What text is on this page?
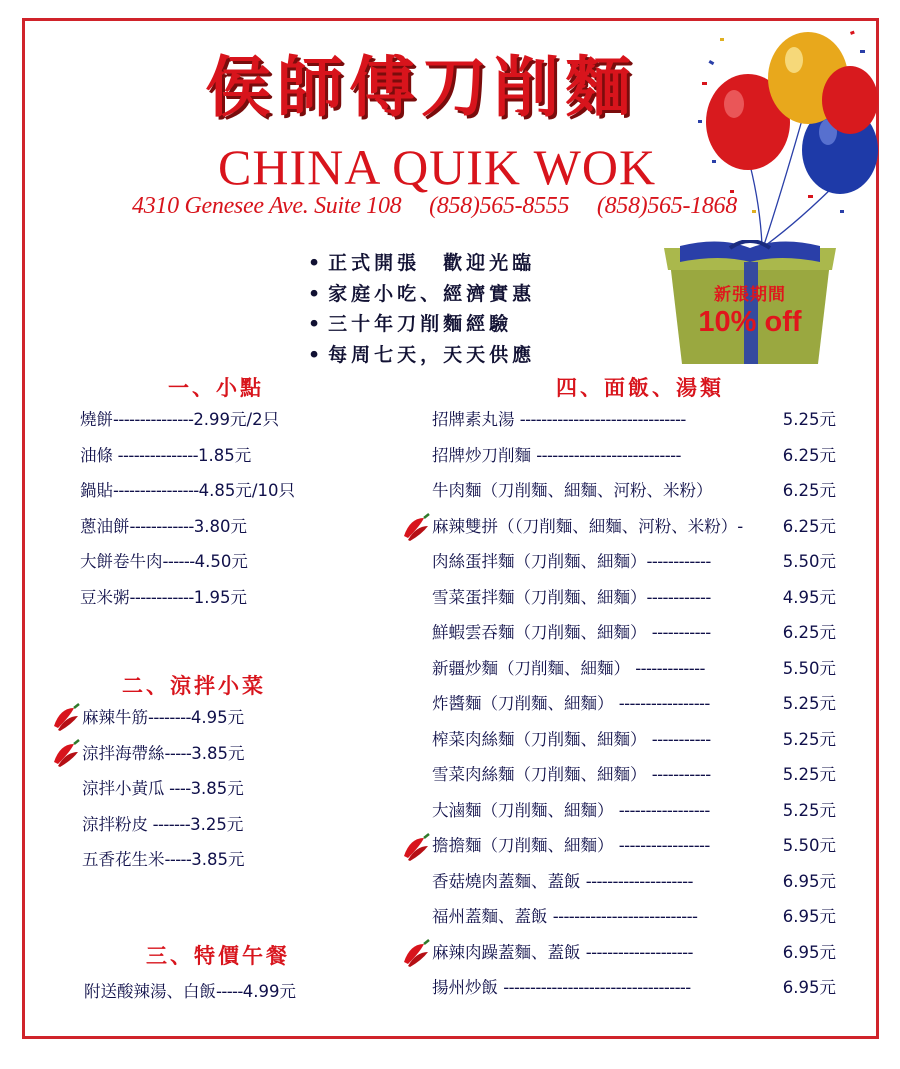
侯師傅刀削麵
CHINA QUIK WOK
4310 Genesee Ave. Suite 108 (858)565-8555 (858)565-1868
• 正式開張　歡迎光臨
• 家庭小吃、經濟實惠
• 三十年刀削麵經驗
• 每周七天，天天供應
新張期間
10% off
一、小點
燒餅---------------2.99元/2只
油條 ---------------1.85元
鍋貼----------------4.85元/10只
蔥油餅------------3.80元
大餅卷牛肉------4.50元
豆米粥------------1.95元
二、涼拌小菜
麻辣牛筋--------4.95元
涼拌海帶絲-----3.85元
涼拌小黃瓜 ----3.85元
涼拌粉皮 -------3.25元
五香花生米-----3.85元
三、特價午餐
附送酸辣湯、白飯-----4.99元
四、面飯、湯類
招牌素丸湯 -------------------------------	5.25元
招牌炒刀削麵 ---------------------------	6.25元
牛肉麵（刀削麵、細麵、河粉、米粉）	6.25元
麻辣雙拼（（刀削麵、細麵、河粉、米粉）- 6.25元
肉絲蛋拌麵（刀削麵、細麵）------------	5.50元
雪菜蛋拌麵（刀削麵、細麵）------------	4.95元
鮮蝦雲吞麵（刀削麵、細麵） -----------	6.25元
新疆炒麵（刀削麵、細麵） -------------	5.50元
炸醬麵（刀削麵、細麵） -----------------	5.25元
榨菜肉絲麵（刀削麵、細麵） -----------	5.25元
雪菜肉絲麵（刀削麵、細麵） -----------	5.25元
大滷麵（刀削麵、細麵） -----------------	5.25元
擔擔麵（刀削麵、細麵） -----------------	5.50元
香菇燒肉蓋麵、蓋飯 --------------------	6.95元
福州蓋麵、蓋飯 ---------------------------	6.95元
麻辣肉躁蓋麵、蓋飯 --------------------	6.95元
揚州炒飯 -----------------------------------	6.95元
